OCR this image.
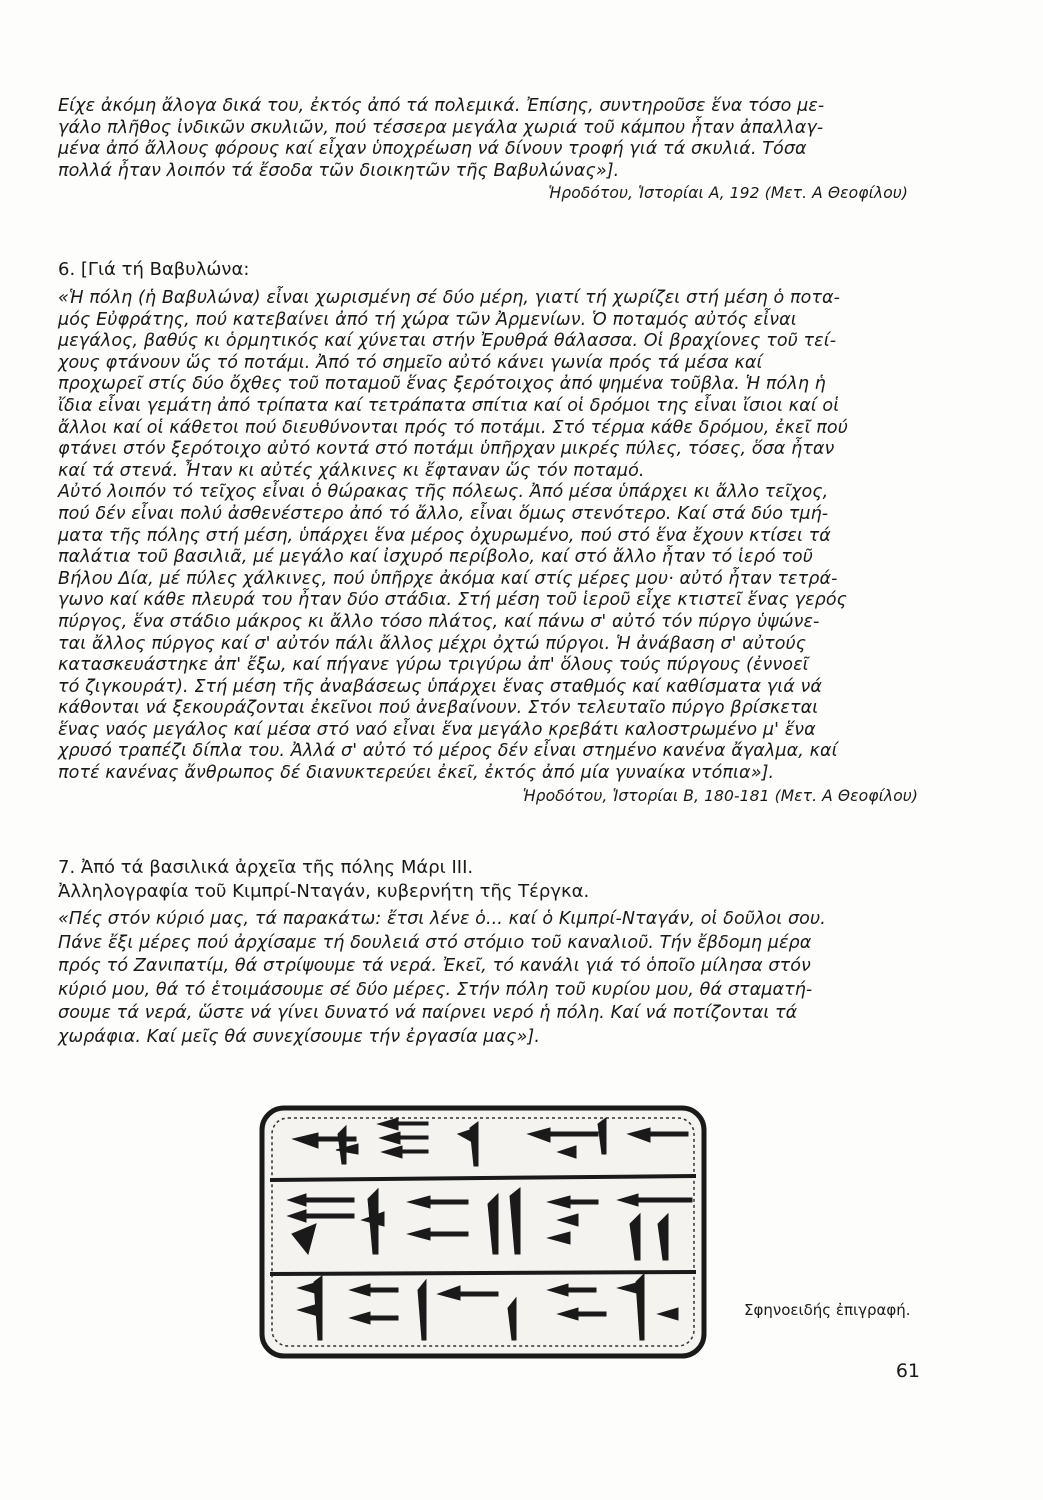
Είχε ἀκόμη ἄλογα δικά του, ἐκτός ἀπό τά πολεμικά. Ἐπίσης, συντηροῦσε ἕνα τόσο με-
γάλο πλῆθος ἰνδικῶν σκυλιῶν, πού τέσσερα μεγάλα χωριά τοῦ κάμπου ἦταν ἀπαλλαγ-
μένα ἀπό ἄλλους φόρους καί εἶχαν ὑποχρέωση νά δίνουν τροφή γιά τά σκυλιά. Τόσα
πολλά ἦταν λοιπόν τά ἔσοδα τῶν διοικητῶν τῆς Βαβυλώνας»].
Ἡροδότου, Ἱστορίαι Α, 192 (Μετ. Α Θεοφίλου)
6. [Γιά τή Βαβυλώνα:
«Ἡ πόλη (ἡ Βαβυλώνα) εἶναι χωρισμένη σέ δύο μέρη, γιατί τή χωρίζει στή μέση ὁ ποτα-
μός Εὐφράτης, πού κατεβαίνει ἀπό τή χώρα τῶν Ἀρμενίων. Ὁ ποταμός αὐτός εἶναι
μεγάλος, βαθύς κι ὁρμητικός καί χύνεται στήν Ἐρυθρά θάλασσα. Οἱ βραχίονες τοῦ τεί-
χους φτάνουν ὥς τό ποτάμι. Ἀπό τό σημεῖο αὐτό κάνει γωνία πρός τά μέσα καί
προχωρεῖ στίς δύο ὄχθες τοῦ ποταμοῦ ἕνας ξερότοιχος ἀπό ψημένα τοῦβλα. Ἡ πόλη ἡ
ἴδια εἶναι γεμάτη ἀπό τρίπατα καί τετράπατα σπίτια καί οἱ δρόμοι της εἶναι ἴσιοι καί οἱ
ἄλλοι καί οἱ κάθετοι πού διευθύνονται πρός τό ποτάμι. Στό τέρμα κάθε δρόμου, ἐκεῖ πού
φτάνει στόν ξερότοιχο αὐτό κοντά στό ποτάμι ὑπῆρχαν μικρές πύλες, τόσες, ὅσα ἦταν
καί τά στενά. Ἦταν κι αὐτές χάλκινες κι ἔφταναν ὥς τόν ποταμό.
Αὐτό λοιπόν τό τεῖχος εἶναι ὁ θώρακας τῆς πόλεως. Ἀπό μέσα ὑπάρχει κι ἄλλο τεῖχος,
πού δέν εἶναι πολύ ἀσθενέστερο ἀπό τό ἄλλο, εἶναι ὅμως στενότερο. Καί στά δύο τμή-
ματα τῆς πόλης στή μέση, ὑπάρχει ἕνα μέρος ὀχυρωμένο, πού στό ἕνα ἔχουν κτίσει τά
παλάτια τοῦ βασιλιᾶ, μέ μεγάλο καί ἰσχυρό περίβολο, καί στό ἄλλο ἦταν τό ἱερό τοῦ
Βήλου Δία, μέ πύλες χάλκινες, πού ὑπῆρχε ἀκόμα καί στίς μέρες μου· αὐτό ἦταν τετρά-
γωνο καί κάθε πλευρά του ἦταν δύο στάδια. Στή μέση τοῦ ἱεροῦ εἶχε κτιστεῖ ἕνας γερός
πύργος, ἕνα στάδιο μάκρος κι ἄλλο τόσο πλάτος, καί πάνω σ' αὐτό τόν πύργο ὑψώνε-
ται ἄλλος πύργος καί σ' αὐτόν πάλι ἄλλος μέχρι ὀχτώ πύργοι. Ἡ ἀνάβαση σ' αὐτούς
κατασκευάστηκε ἀπ' ἔξω, καί πήγανε γύρω τριγύρω ἀπ' ὅλους τούς πύργους (ἐννοεῖ
τό ζιγκουράτ). Στή μέση τῆς ἀναβάσεως ὑπάρχει ἕνας σταθμός καί καθίσματα γιά νά
κάθονται νά ξεκουράζονται ἐκεῖνοι πού ἀνεβαίνουν. Στόν τελευταῖο πύργο βρίσκεται
ἕνας ναός μεγάλος καί μέσα στό ναό εἶναι ἕνα μεγάλο κρεβάτι καλοστρωμένο μ' ἕνα
χρυσό τραπέζι δίπλα του. Ἀλλά σ' αὐτό τό μέρος δέν εἶναι στημένο κανένα ἄγαλμα, καί
ποτέ κανένας ἄνθρωπος δέ διανυκτερεύει ἐκεῖ, ἐκτός ἀπό μία γυναίκα ντόπια»].
Ἡροδότου, Ἱστορίαι Β, 180-181 (Μετ. Α Θεοφίλου)
7. Ἀπό τά βασιλικά ἀρχεῖα τῆς πόλης Μάρι ΙΙΙ.
Ἀλληλογραφία τοῦ Κιμπρί-Νταγάν, κυβερνήτη τῆς Τέργκα.
«Πές στόν κύριό μας, τά παρακάτω: ἔτσι λένε ὁ... καί ὁ Κιμπρί-Νταγάν, οἱ δοῦλοι σου.
Πάνε ἔξι μέρες πού ἀρχίσαμε τή δουλειά στό στόμιο τοῦ καναλιοῦ. Τήν ἔβδομη μέρα
πρός τό Ζανιπατίμ, θά στρίψουμε τά νερά. Ἐκεῖ, τό κανάλι γιά τό ὁποῖο μίλησα στόν
κύριό μου, θά τό ἑτοιμάσουμε σέ δύο μέρες. Στήν πόλη τοῦ κυρίου μου, θά σταματή-
σουμε τά νερά, ὥστε νά γίνει δυνατό νά παίρνει νερό ἡ πόλη. Καί νά ποτίζονται τά
χωράφια. Καί μεῖς θά συνεχίσουμε τήν ἐργασία μας»].
Σφηνοειδής ἐπιγραφή.
61
